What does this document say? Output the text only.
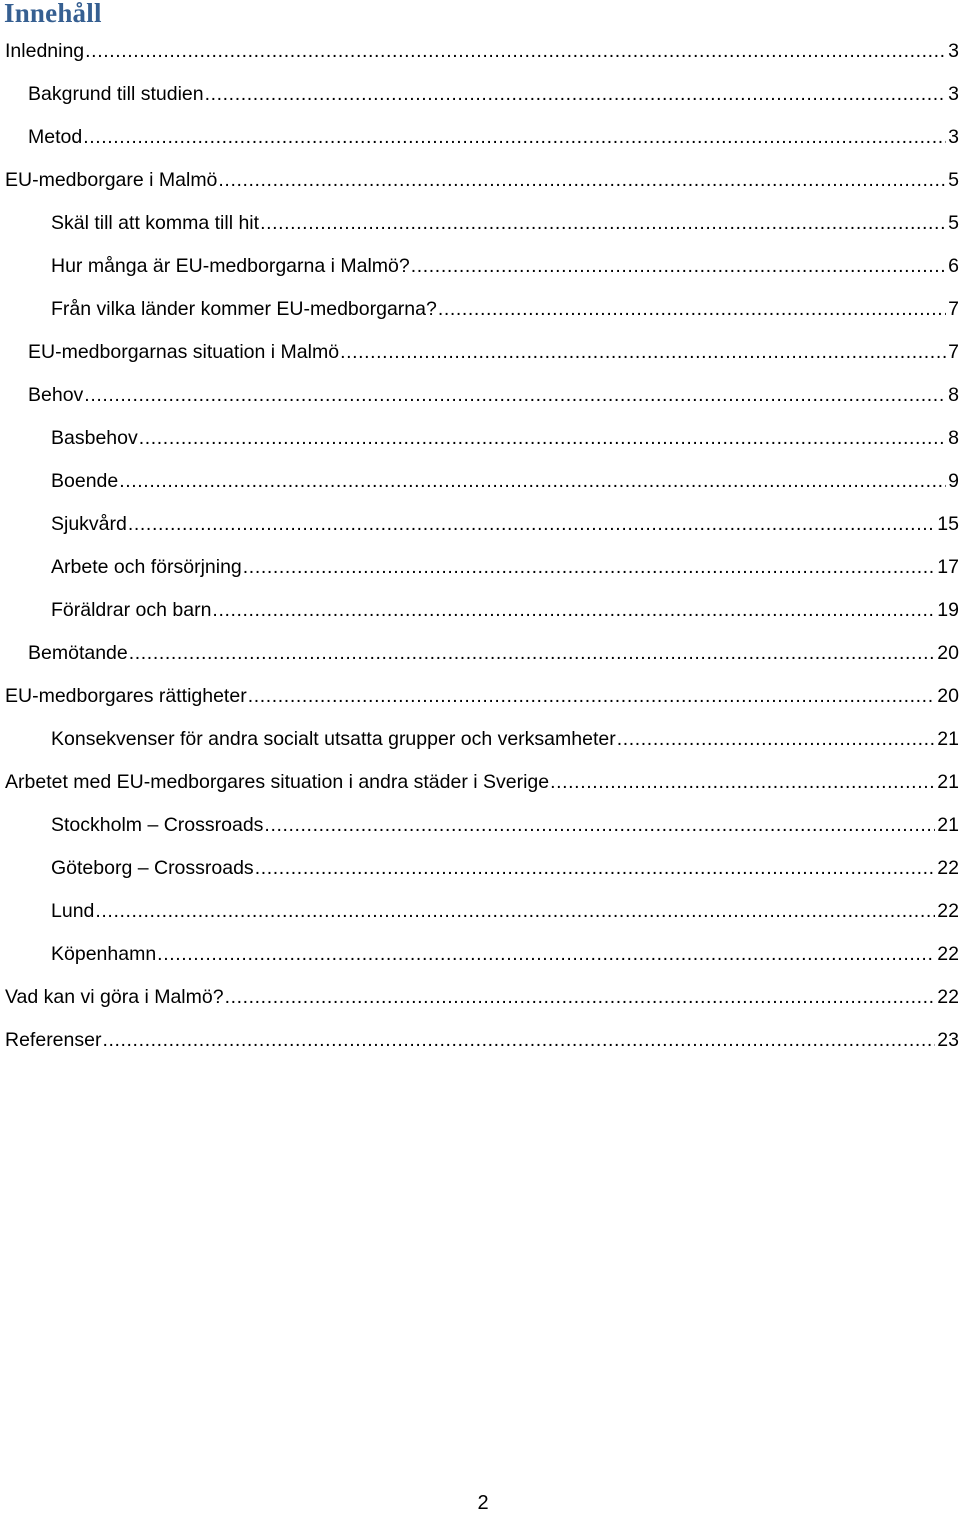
Innehåll
Inledning .....	3
Bakgrund till studien .....	3
Metod .....	3
EU-medborgare i Malmö .....	5
Skäl till att komma till hit .....	5
Hur många är EU-medborgarna i Malmö? .....	6
Från vilka länder kommer EU-medborgarna? .....	7
EU-medborgarnas situation i Malmö .....	7
Behov .....	8
Basbehov .....	8
Boende .....	9
Sjukvård .....	15
Arbete och försörjning .....	17
Föräldrar och barn .....	19
Bemötande .....	20
EU-medborgares rättigheter .....	20
Konsekvenser för andra socialt utsatta grupper och verksamheter .....	21
Arbetet med EU-medborgares situation i andra städer i Sverige .....	21
Stockholm – Crossroads .....	21
Göteborg – Crossroads .....	22
Lund .....	22
Köpenhamn .....	22
Vad kan vi göra i Malmö? .....	22
Referenser .....	23
2
